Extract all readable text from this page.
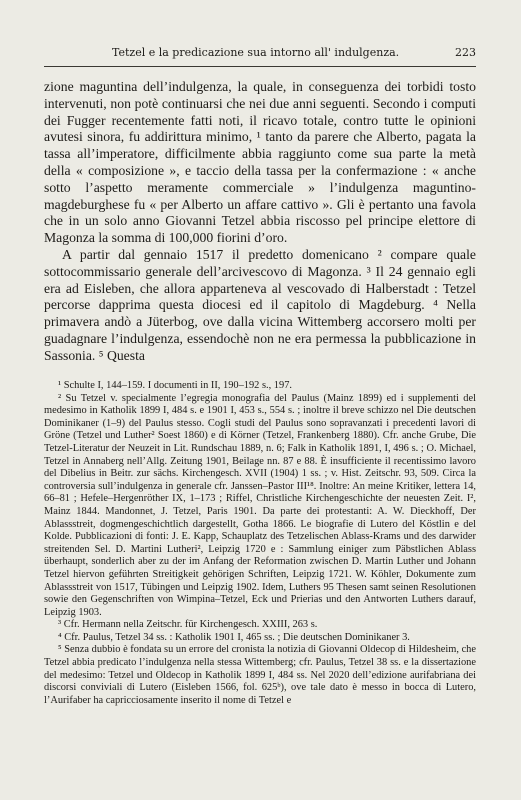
Tetzel e la predicazione sua intorno all' indulgenza.	223

zione maguntina dell’indulgenza, la quale, in conseguenza dei torbidi tosto intervenuti, non potè continuarsi che nei due anni seguenti. Secondo i computi dei Fugger recentemente fatti noti, il ricavo totale, contro tutte le opinioni avutesi sinora, fu addirittura minimo, ¹ tanto da parere che Alberto, pagata la tassa all’imperatore, difficilmente abbia raggiunto come sua parte la metà della « composizione », e taccio della tassa per la confermazione : « anche sotto l’aspetto meramente commerciale » l’indulgenza maguntino-magdeburghese fu « per Alberto un affare cattivo ». Gli è pertanto una favola che in un solo anno Giovanni Tetzel abbia riscosso pel principe elettore di Magonza la somma di 100,000 fiorini d’oro.

A partir dal gennaio 1517 il predetto domenicano ² compare quale sottocommissario generale dell’arcivescovo di Magonza. ³ Il 24 gennaio egli era ad Eisleben, che allora apparteneva al vescovado di Halberstadt : Tetzel percorse dapprima questa diocesi ed il capitolo di Magdeburg. ⁴ Nella primavera andò a Jüterbog, ove dalla vicina Wittemberg accorsero molti per guadagnare l’indulgenza, essendochè non ne era permessa la pubblicazione in Sassonia. ⁵ Questa

¹ Schulte I, 144–159. I documenti in II, 190–192 s., 197.

² Su Tetzel v. specialmente l’egregia monografia del Paulus (Mainz 1899) ed i supplementi del medesimo in Katholik 1899 I, 484 s. e 1901 I, 453 s., 554 s. ; inoltre il breve schizzo nel Die deutschen Dominikaner (1–9) del Paulus stesso. Cogli studi del Paulus sono sopravanzati i precedenti lavori di Gröne (Tetzel und Luther² Soest 1860) e di Körner (Tetzel, Frankenberg 1880). Cfr. anche Grube, Die Tetzel-Literatur der Neuzeit in Lit. Rundschau 1889, n. 6; Falk in Katholik 1891, I, 496 s. ; O. Michael, Tetzel in Annaberg nell’Allg. Zeitung 1901, Beilage nn. 87 e 88. È insufficiente il recentissimo lavoro del Dibelius in Beitr. zur sächs. Kirchengesch. XVII (1904) 1 ss. ; v. Hist. Zeitschr. 93, 509. Circa la controversia sull’indulgenza in generale cfr. Janssen–Pastor III¹⁸. Inoltre: An meine Kritiker, lettera 14, 66–81 ; Hefele–Hergenröther IX, 1–173 ; Riffel, Christliche Kirchengeschichte der neuesten Zeit. I², Mainz 1844. Mandonnet, J. Tetzel, Paris 1901. Da parte dei protestanti: A. W. Dieckhoff, Der Ablassstreit, dogmengeschichtlich dargestellt, Gotha 1866. Le biografie di Lutero del Köstlin e del Kolde. Pubblicazioni di fonti: J. E. Kapp, Schauplatz des Tetzelischen Ablass-Krams und des darwider streitenden Sel. D. Martini Lutheri², Leipzig 1720 e : Sammlung einiger zum Päbstlichen Ablass überhaupt, sonderlich aber zu der im Anfang der Reformation zwischen D. Martin Luther und Johann Tetzel hiervon geführten Streitigkeit gehörigen Schriften, Leipzig 1721. W. Köhler, Dokumente zum Ablassstreit von 1517, Tübingen und Leipzig 1902. Idem, Luthers 95 Thesen samt seinen Resolutionen sowie den Gegenschriften von Wimpina–Tetzel, Eck und Prierias und den Antworten Luthers darauf, Leipzig 1903.

³ Cfr. Hermann nella Zeitschr. für Kirchengesch. XXIII, 263 s.

⁴ Cfr. Paulus, Tetzel 34 ss. : Katholik 1901 I, 465 ss. ; Die deutschen Dominikaner 3.

⁵ Senza dubbio è fondata su un errore del cronista la notizia di Giovanni Oldecop di Hildesheim, che Tetzel abbia predicato l’indulgenza nella stessa Wittemberg; cfr. Paulus, Tetzel 38 ss. e la dissertazione del medesimo: Tetzel und Oldecop in Katholik 1899 I, 484 ss. Nel 2020 dell’edizione aurifabriana dei discorsi conviviali di Lutero (Eisleben 1566, fol. 625ᵇ), ove tale dato è messo in bocca di Lutero, l’Aurifaber ha capricciosamente inserito il nome di Tetzel e
